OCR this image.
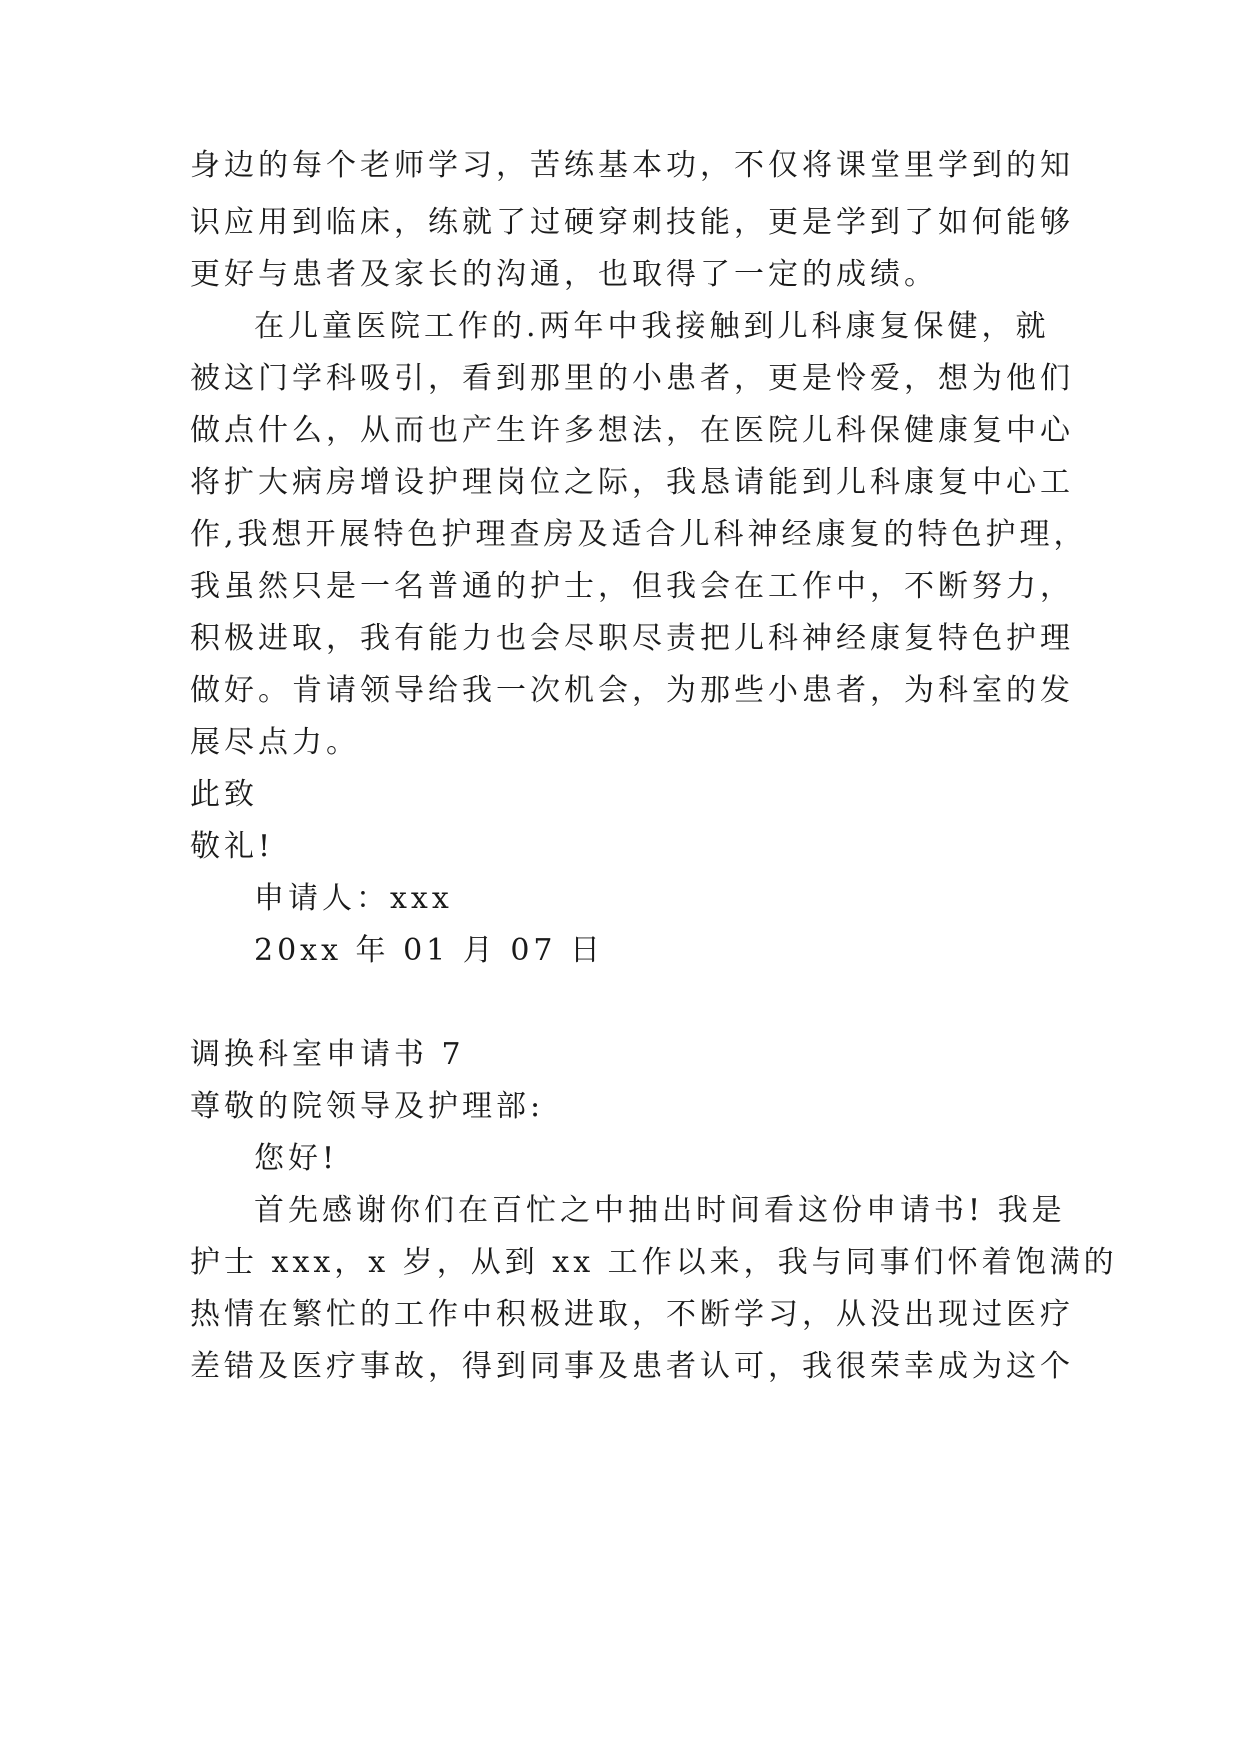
身边的每个老师学习，苦练基本功，不仅将课堂里学到的知
识应用到临床，练就了过硬穿刺技能，更是学到了如何能够
更好与患者及家长的沟通，也取得了一定的成绩。
在儿童医院工作的.两年中我接触到儿科康复保健，就
被这门学科吸引，看到那里的小患者，更是怜爱，想为他们
做点什么，从而也产生许多想法，在医院儿科保健康复中心
将扩大病房增设护理岗位之际，我恳请能到儿科康复中心工
作,我想开展特色护理查房及适合儿科神经康复的特色护理，
我虽然只是一名普通的护士，但我会在工作中，不断努力，
积极进取，我有能力也会尽职尽责把儿科神经康复特色护理
做好。肯请领导给我一次机会，为那些小患者，为科室的发
展尽点力。
此致
敬礼!
申请人：xxx
20xx 年 01 月 07 日
调换科室申请书 7
尊敬的院领导及护理部:
您好!
首先感谢你们在百忙之中抽出时间看这份申请书! 我是
护士 xxx，x 岁，从到 xx 工作以来，我与同事们怀着饱满的
热情在繁忙的工作中积极进取，不断学习，从没出现过医疗
差错及医疗事故，得到同事及患者认可，我很荣幸成为这个
